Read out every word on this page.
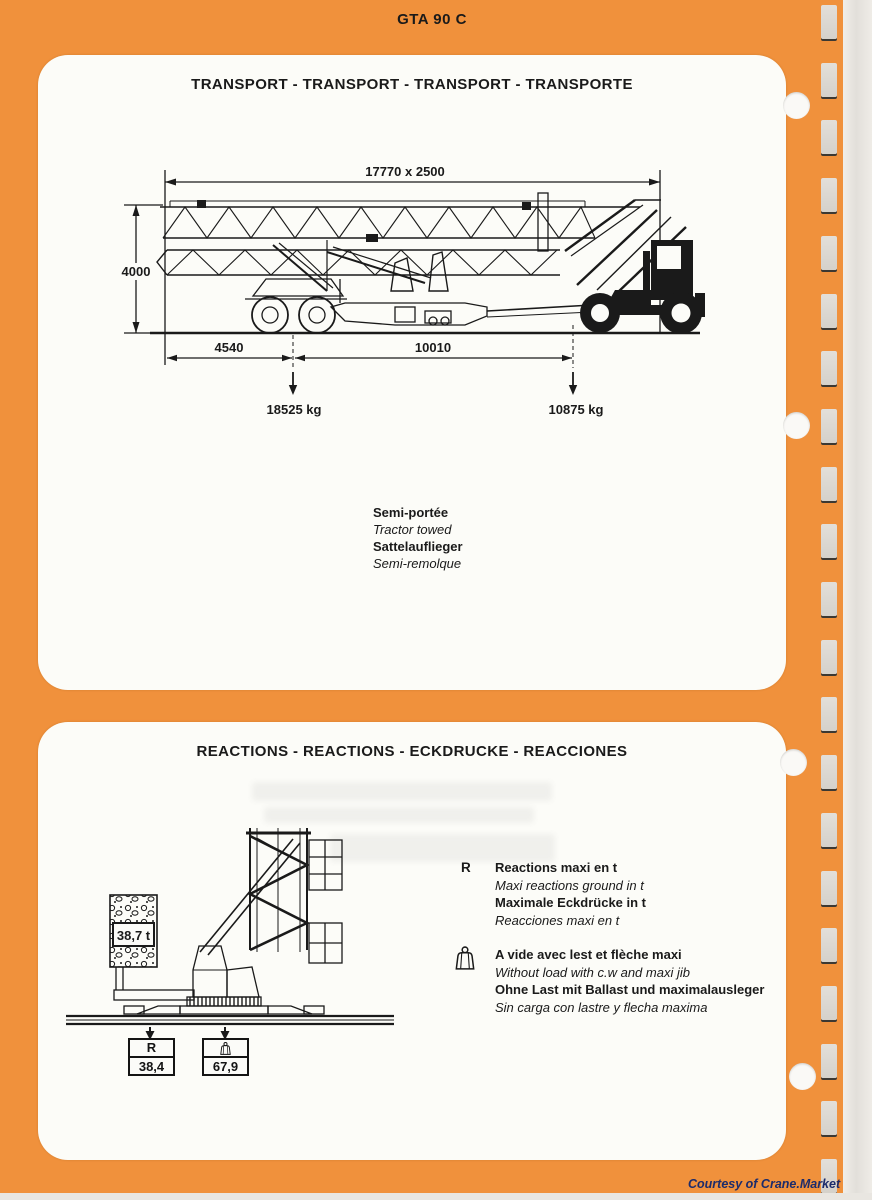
GTA 90 C
TRANSPORT - TRANSPORT - TRANSPORT - TRANSPORTE
17770 x 2500
4000
4540	10010
18525 kg	10875 kg
Semi-portée
Tractor towed
Sattelauflieger
Semi-remolque
REACTIONS - REACTIONS - ECKDRUCKE - REACCIONES
38,7 t
R
38,4	67,9
R Reactions maxi en t
Maxi reactions ground in t
Maximale Eckdrücke in t
Reacciones maxi en t
A vide avec lest et flèche maxi
Without load with c.w and maxi jib
Ohne Last mit Ballast und maximalausleger
Sin carga con lastre y flecha maxima
Courtesy of Crane.Market
